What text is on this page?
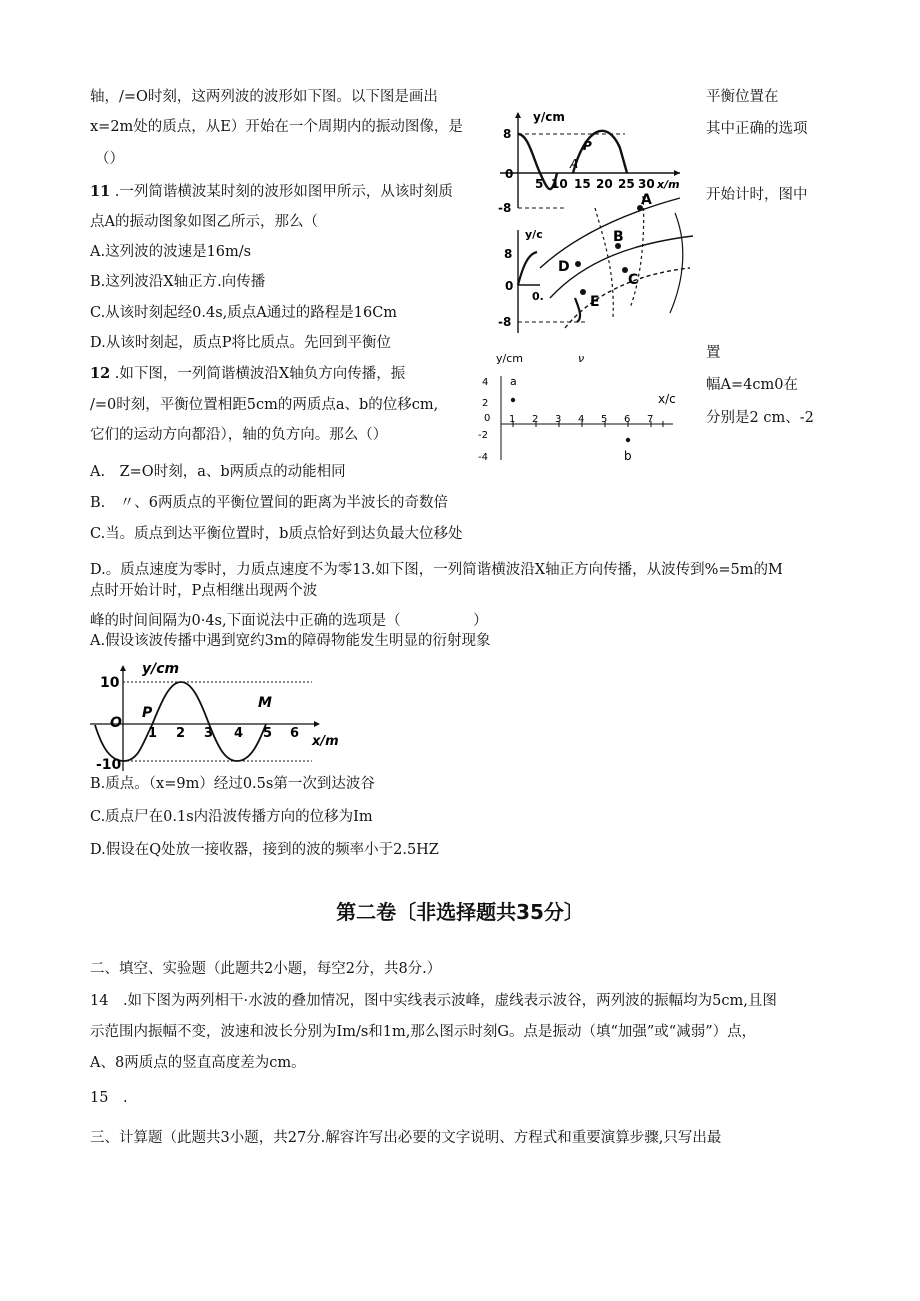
轴，/=O时刻，这两列波的波形如下图。以下图是画出
x=2m处的质点，从E）开始在一个周期内的振动图像，是
（）
平衡位置在
其中正确的选项
开始计时，图中
置
幅A=4cm0在
分别是2 cm、-2
11 .一列简谐横波某时刻的波形如图甲所示，从该时刻质
点A的振动图象如图乙所示，那么（
A.这列波的波速是16m/s
B.这列波沿X轴正方.向传播
C.从该时刻起经0.4s,质点A通过的路程是16Cm
D.从该时刻起，质点P将比质点。先回到平衡位
12 .如下图，一列简谐横波沿X轴负方向传播，振
/=0时刻，平衡位置相距5cm的两质点a、b的位移cm,
它们的运动方向都沿），轴的负方向。那么（）
A.　Z=O时刻，a、b两质点的动能相同
B.　〃、6两质点的平衡位置间的距离为半波长的奇数倍
C.当。质点到达平衡位置时，b质点恰好到达负最大位移处
D.。质点速度为零时，力质点速度不为零13.如下图，一列简谐横波沿X轴正方向传播，从波传到%=5m的M
点时开始计时，P点相继出现两个波
峰的时间间隔为0·4s,下面说法中正确的选项是（　　　　　）
A.假设该波传播中遇到宽约3m的障碍物能发生明显的衍射现象
B.质点。（x=9m）经过0.5s第一次到达波谷
C.质点尸在0.1s内沿波传播方向的位移为Im
D.假设在Q处放一接收器，接到的波的频率小于2.5HZ
第二卷〔非选择题共35分〕
二、填空、实验题（此题共2小题，每空2分，共8分.）
14　.如下图为两列相干·水波的叠加情况，图中实线表示波峰，虚线表示波谷，两列波的振幅均为5cm,且图
示范围内振幅不变，波速和波长分别为Im/s和1m,那么图示时刻G。点是振动（填“加强”或“减弱”）点，
A、8两质点的竖直高度差为cm。
15　.
三、计算题（此题共3小题，共27分.解容许写出必要的文字说明、方程式和重要演算步骤,只写出最
y/cm
8
0
-8
5 10 15 20 25 30 x/m
P
A
y/c
8
0
0.
-8
A
B
C
D
E
y/cm	ν
x/c
4
2
0
-2
-4
1 2 3 4 5 6 7
a
b
y/cm
10
O
-10
1 2 3 4 5 6
x/m
P
M
